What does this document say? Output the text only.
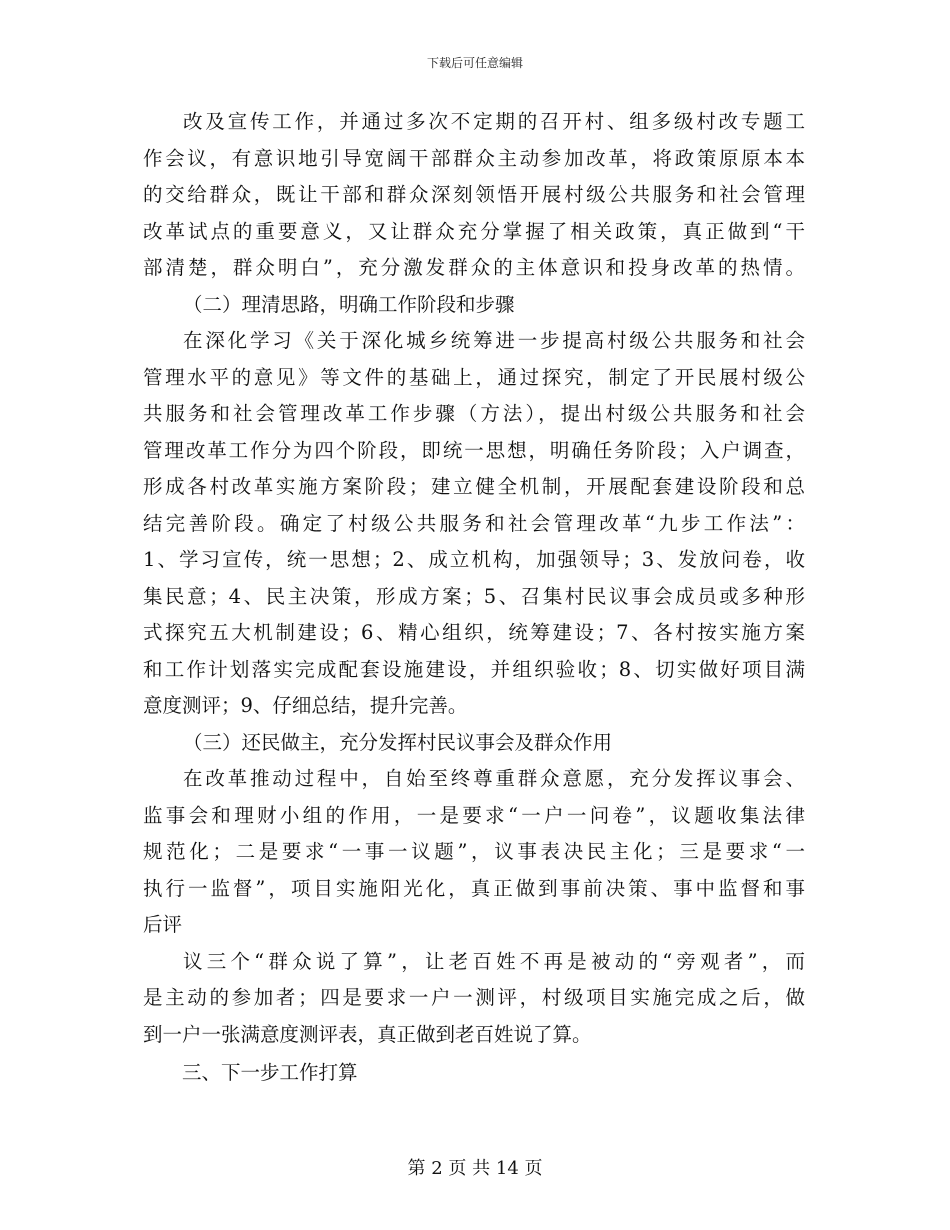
下载后可任意编辑
改及宣传工作，并通过多次不定期的召开村、组多级村改专题工
作会议，有意识地引导宽阔干部群众主动参加改革，将政策原原本本
的交给群众，既让干部和群众深刻领悟开展村级公共服务和社会管理
改革试点的重要意义，又让群众充分掌握了相关政策，真正做到“干
部清楚，群众明白”，充分激发群众的主体意识和投身改革的热情。
（二）理清思路，明确工作阶段和步骤
在深化学习《关于深化城乡统筹进一步提高村级公共服务和社会
管理水平的意见》等文件的基础上，通过探究，制定了开民展村级公
共服务和社会管理改革工作步骤（方法），提出村级公共服务和社会
管理改革工作分为四个阶段，即统一思想，明确任务阶段；入户调查，
形成各村改革实施方案阶段；建立健全机制，开展配套建设阶段和总
结完善阶段。确定了村级公共服务和社会管理改革“九步工作法”：
1、学习宣传，统一思想；2、成立机构，加强领导；3、发放问卷，收
集民意；4、民主决策，形成方案；5、召集村民议事会成员或多种形
式探究五大机制建设；6、精心组织，统筹建设；7、各村按实施方案
和工作计划落实完成配套设施建设，并组织验收；8、切实做好项目满
意度测评；9、仔细总结，提升完善。
（三）还民做主，充分发挥村民议事会及群众作用
在改革推动过程中，自始至终尊重群众意愿，充分发挥议事会、
监事会和理财小组的作用，一是要求“一户一问卷”，议题收集法律
规范化；二是要求“一事一议题”，议事表决民主化；三是要求“一
执行一监督”，项目实施阳光化，真正做到事前决策、事中监督和事
后评
议三个“群众说了算”，让老百姓不再是被动的“旁观者”，而
是主动的参加者；四是要求一户一测评，村级项目实施完成之后，做
到一户一张满意度测评表，真正做到老百姓说了算。
三、下一步工作打算
第 2 页 共 14 页
